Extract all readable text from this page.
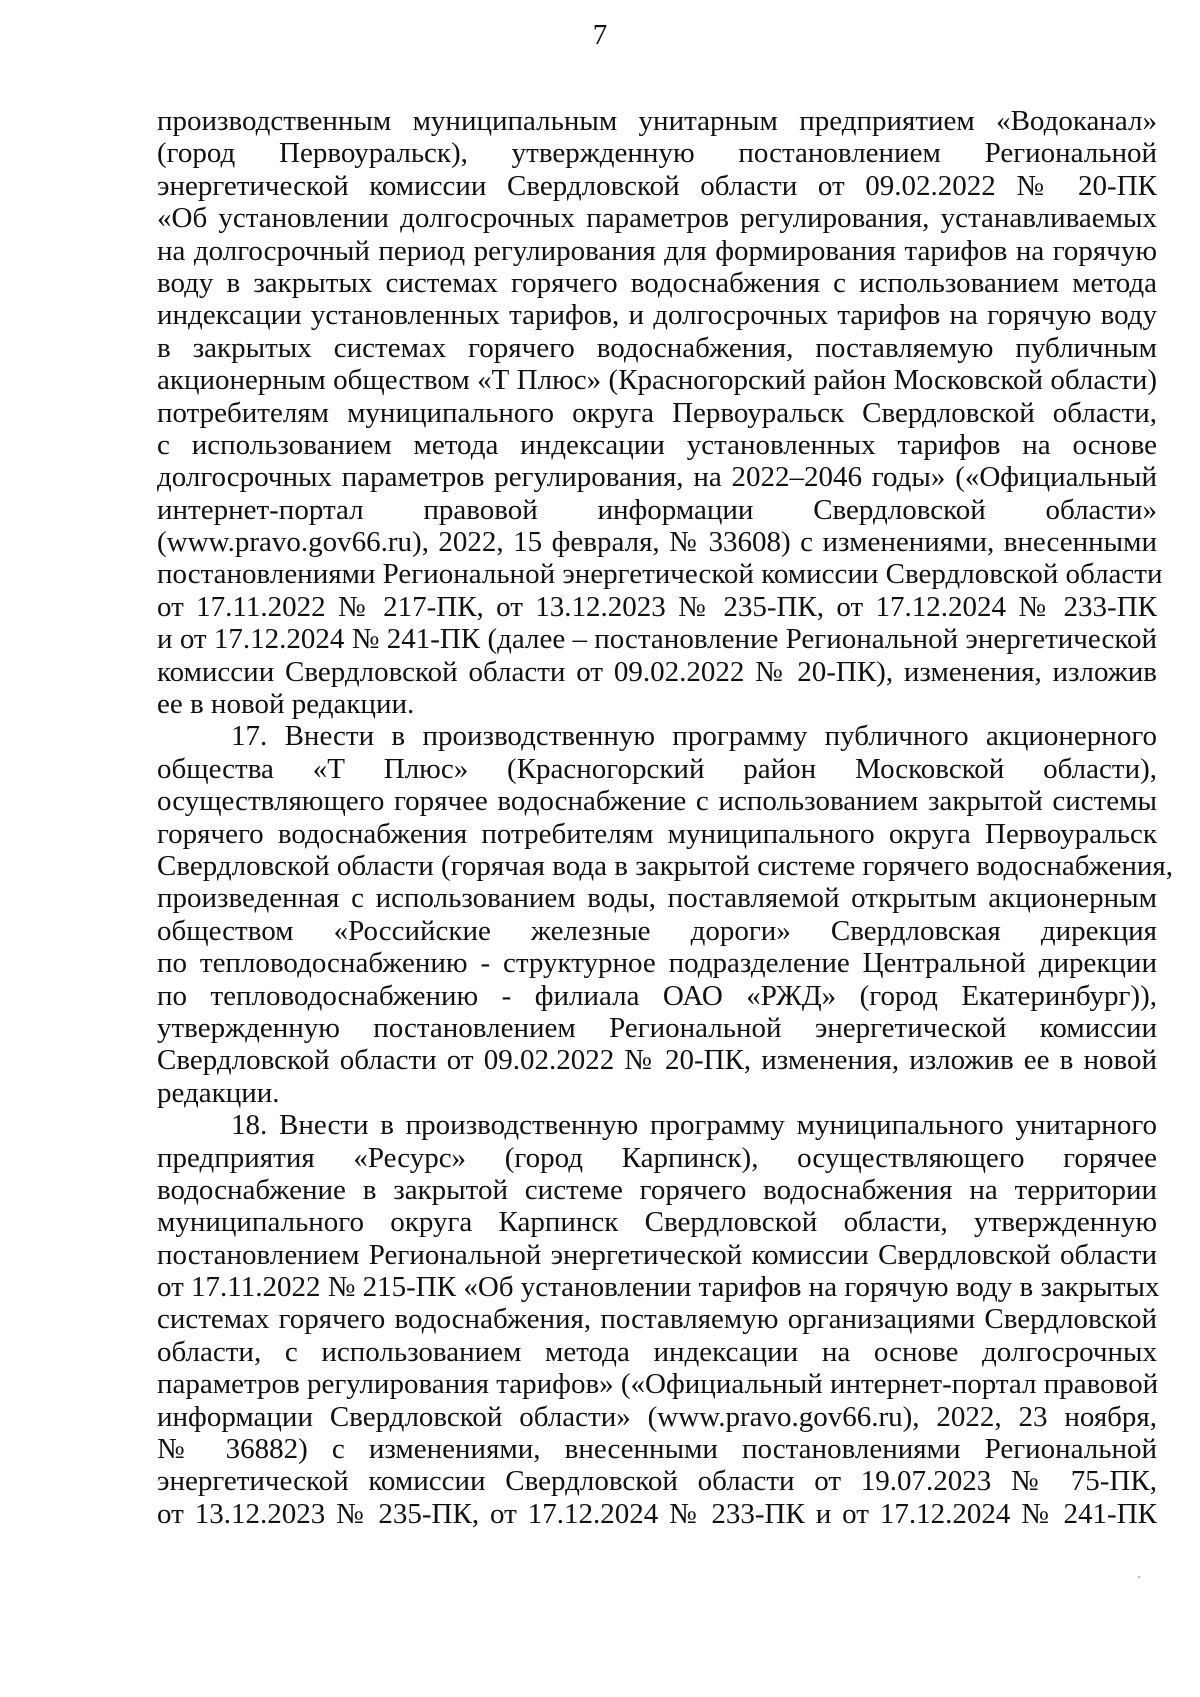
7
производственным муниципальным унитарным предприятием «Водоканал»
(город Первоуральск), утвержденную постановлением Региональной
энергетической комиссии Свердловской области от 09.02.2022 № 20-ПК
«Об установлении долгосрочных параметров регулирования, устанавливаемых
на долгосрочный период регулирования для формирования тарифов на горячую
воду в закрытых системах горячего водоснабжения с использованием метода
индексации установленных тарифов, и долгосрочных тарифов на горячую воду
в закрытых системах горячего водоснабжения, поставляемую публичным
акционерным обществом «Т Плюс» (Красногорский район Московской области)
потребителям муниципального округа Первоуральск Свердловской области,
с использованием метода индексации установленных тарифов на основе
долгосрочных параметров регулирования, на 2022–2046 годы» («Официальный
интернет-портал правовой информации Свердловской области»
(www.pravo.gov66.ru), 2022, 15 февраля, № 33608) с изменениями, внесенными
постановлениями Региональной энергетической комиссии Свердловской области
от 17.11.2022 № 217-ПК, от 13.12.2023 № 235-ПК, от 17.12.2024 № 233-ПК
и от 17.12.2024 № 241-ПК (далее – постановление Региональной энергетической
комиссии Свердловской области от 09.02.2022 № 20-ПК), изменения, изложив
ее в новой редакции.
17. Внести в производственную программу публичного акционерного
общества «Т Плюс» (Красногорский район Московской области),
осуществляющего горячее водоснабжение с использованием закрытой системы
горячего водоснабжения потребителям муниципального округа Первоуральск
Свердловской области (горячая вода в закрытой системе горячего водоснабжения,
произведенная с использованием воды, поставляемой открытым акционерным
обществом «Российские железные дороги» Свердловская дирекция
по тепловодоснабжению - структурное подразделение Центральной дирекции
по тепловодоснабжению - филиала ОАО «РЖД» (город Екатеринбург)),
утвержденную постановлением Региональной энергетической комиссии
Свердловской области от 09.02.2022 № 20-ПК, изменения, изложив ее в новой
редакции.
18. Внести в производственную программу муниципального унитарного
предприятия «Ресурс» (город Карпинск), осуществляющего горячее
водоснабжение в закрытой системе горячего водоснабжения на территории
муниципального округа Карпинск Свердловской области, утвержденную
постановлением Региональной энергетической комиссии Свердловской области
от 17.11.2022 № 215-ПК «Об установлении тарифов на горячую воду в закрытых
системах горячего водоснабжения, поставляемую организациями Свердловской
области, с использованием метода индексации на основе долгосрочных
параметров регулирования тарифов» («Официальный интернет-портал правовой
информации Свердловской области» (www.pravo.gov66.ru), 2022, 23 ноября,
№ 36882) с изменениями, внесенными постановлениями Региональной
энергетической комиссии Свердловской области от 19.07.2023 № 75-ПК,
от 13.12.2023 № 235-ПК, от 17.12.2024 № 233-ПК и от 17.12.2024 № 241-ПК
